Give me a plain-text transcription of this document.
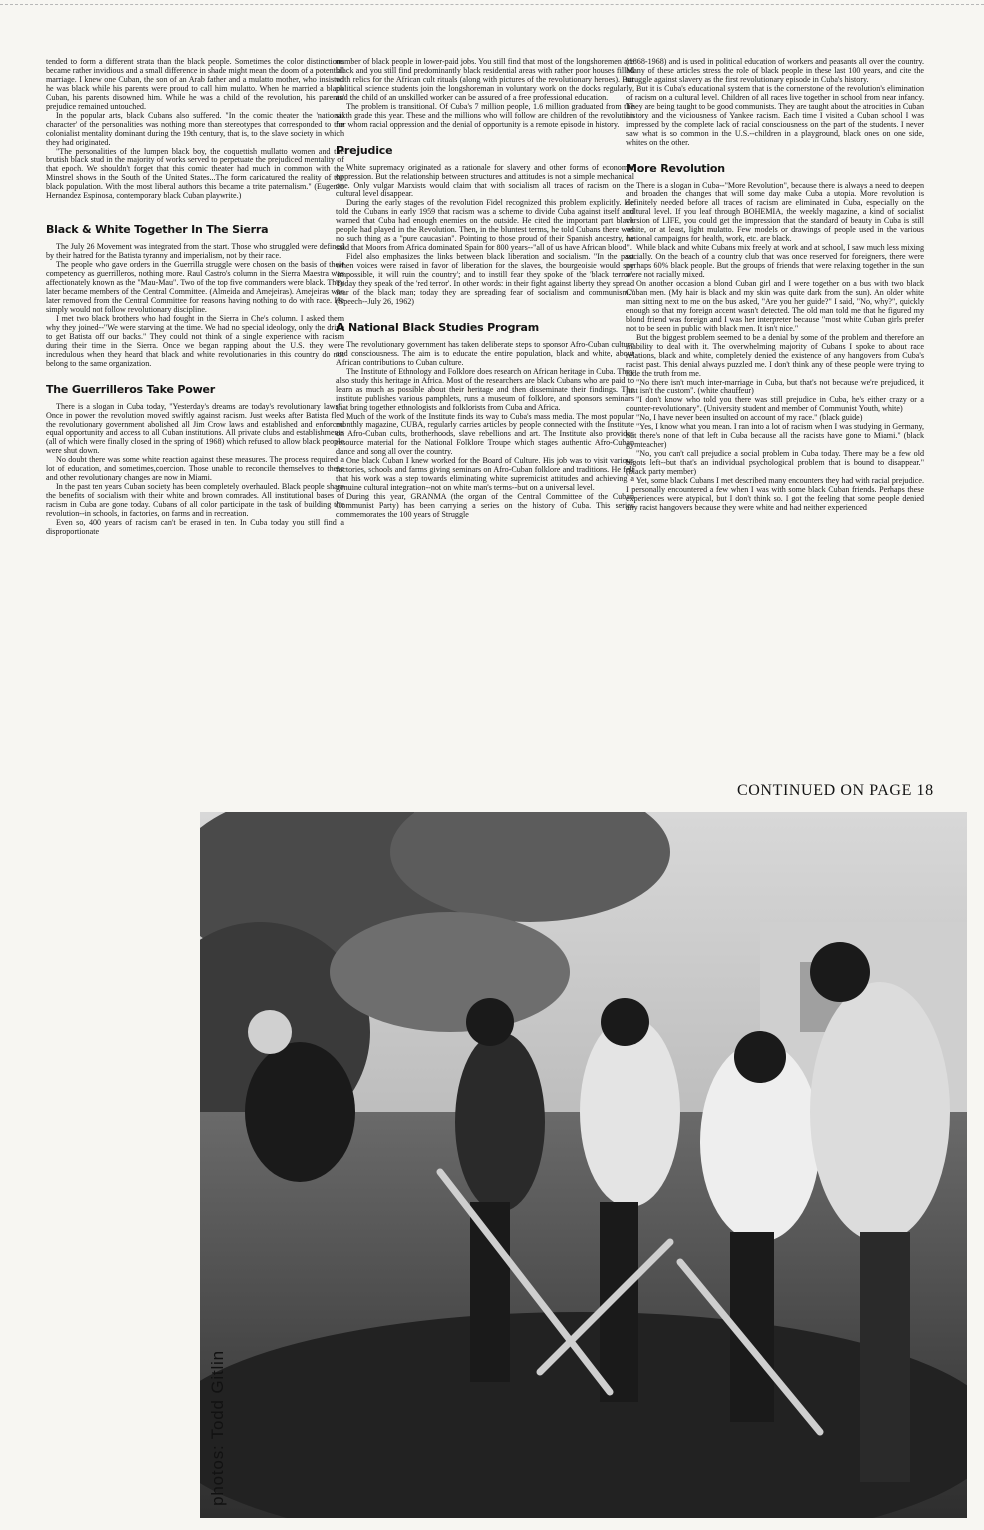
tended to form a different strata than the black people. Sometimes the color distinctions became rather invidious and a small difference in shade might mean the doom of a potential marriage. I knew one Cuban, the son of an Arab father and a mulatto mother, who insisted he was black while his parents were proud to call him mulatto. When he married a black Cuban, his parents disowned him. While he was a child of the revolution, his parents' prejudice remained untouched.

In the popular arts, black Cubans also suffered. "In the comic theater the 'national character' of the personalities was nothing more than stereotypes that corresponded to the colonialist mentality dominant during the 19th century, that is, to the slave society in which they had originated.

"The personalities of the lumpen black boy, the coquettish mullatto women and the brutish black stud in the majority of works served to perpetuate the prejudiced mentality of that epoch. We shouldn't forget that this comic theater had much in common with the Minstrel shows in the South of the United States...The form caricatured the reality of the black population. With the most liberal authors this became a trite paternalism." (Eugenio Hernandez Espinosa, contemporary black Cuban playwrite.)

Black & White Together In The Sierra

The July 26 Movement was integrated from the start. Those who struggled were defined by their hatred for the Batista tyranny and imperialism, not by their race.

The people who gave orders in the Guerrilla struggle were chosen on the basis of their competency as guerrilleros, nothing more. Raul Castro's column in the Sierra Maestra was affectionately known as the "Mau-Mau". Two of the top five commanders were black. They later became members of the Central Committee. (Almeida and Amejeiras). Amejeiras was later removed from the Central Committee for reasons having nothing to do with race. He simply would not follow revolutionary discipline.

I met two black brothers who had fought in the Sierra in Che's column. I asked them why they joined--"We were starving at the time. We had no special ideology, only the drive to get Batista off our backs." They could not think of a single experience with racism during their time in the Sierra. Once we began rapping about the U.S. they were incredulous when they heard that black and white revolutionaries in this country do not belong to the same organization.

The Guerrilleros Take Power

There is a slogan in Cuba today, "Yesterday's dreams are today's revolutionary laws". Once in power the revolution moved swiftly against racism. Just weeks after Batista fled the revolutionary government abolished all Jim Crow laws and established and enforced equal opportunity and access to all Cuban institutions. All private clubs and establishments (all of which were finally closed in the spring of 1968) which refused to allow black people were shut down.

No doubt there was some white reaction against these measures. The process required a lot of education, and sometimes,coercion. Those unable to reconcile themselves to these and other revolutionary changes are now in Miami.

In the past ten years Cuban society has been completely overhauled. Black people share the benefits of socialism with their white and brown comrades. All institutional bases of racism in Cuba are gone today. Cubans of all color participate in the task of building the revolution--in schools, in factories, on farms and in recreation.

Even so, 400 years of racism can't be erased in ten. In Cuba today you still find a disproportionate

number of black people in lower-paid jobs. You still find that most of the longshoremen are black and you still find predominantly black residential areas with rather poor houses filled with relics for the African cult rituals (along with pictures of the revolutionary heroes). But political science students join the longshoreman in voluntary work on the docks regularly, and the child of an unskilled worker can be assured of a free professional education.

The problem is transitional. Of Cuba's 7 million people, 1.6 million graduated from the sixth grade this year. These and the millions who will follow are children of the revolution for whom racial oppression and the denial of opportunity is a remote episode in history.

Prejudice

White supremacy originated as a rationale for slavery and other forms of economic oppression. But the relationship between structures and attitudes is not a simple mechanical one. Only vulgar Marxists would claim that with socialism all traces of racism on the cultural level disappear.

During the early stages of the revolution Fidel recognized this problem explicitly. He told the Cubans in early 1959 that racism was a scheme to divide Cuba against itself and warned that Cuba had enough enemies on the outside. He cited the important part black people had played in the Revolution. Then, in the bluntest terms, he told Cubans there was no such thing as a "pure caucasian". Pointing to those proud of their Spanish ancestry, he said that Moors from Africa dominated Spain for 800 years--"all of us have African blood".

Fidel also emphasizes the links between black liberation and socialism. "In the past when voices were raised in favor of liberation for the slaves, the bourgeoisie would say 'impossible, it will ruin the country'; and to instill fear they spoke of the 'black terror'. Today they speak of the 'red terror'. In other words: in their fight against liberty they spread fear of the black man; today they are spreading fear of socialism and communism." (Speech--July 26, 1962)

A National Black Studies Program

The revolutionary government has taken deliberate steps to sponsor Afro-Cuban culture and consciousness. The aim is to educate the entire population, black and white, about African contributions to Cuban culture.

The Institute of Ethnology and Folklore does research on African heritage in Cuba. They also study this heritage in Africa. Most of the researchers are black Cubans who are paid to learn as much as possible about their heritage and then disseminate their findings. The institute publishes various pamphlets, runs a museum of folklore, and sponsors seminars that bring together ethnologists and folklorists from Cuba and Africa.

Much of the work of the Institute finds its way to Cuba's mass media. The most popular monthly magazine, CUBA, regularly carries articles by people connected with the Institute on Afro-Cuban cults, brotherhoods, slave rebellions and art. The Institute also provides resource material for the National Folklore Troupe which stages authentic Afro-Cuban dance and song all over the country.

One black Cuban I knew worked for the Board of Culture. His job was to visit various factories, schools and farms giving seminars on Afro-Cuban folklore and traditions. He felt that his work was a step towards eliminating white supremicist attitudes and achieving a genuine cultural integration--not on white man's terms--but on a universal level.

During this year, GRANMA (the organ of the Central Committee of the Cuban Communist Party) has been carrying a series on the history of Cuba. This series commemorates the 100 years of Struggle

(1868-1968) and is used in political education of workers and peasants all over the country. Many of these articles stress the role of black people in these last 100 years, and cite the struggle against slavery as the first revolutionary episode in Cuba's history.

But it is Cuba's educational system that is the cornerstone of the revolution's elimination of racism on a cultural level. Children of all races live together in school from near infancy. They are being taught to be good communists. They are taught about the atrocities in Cuban history and the viciousness of Yankee racism. Each time I visited a Cuban school I was impressed by the complete lack of racial consciousness on the part of the students. I never saw what is so common in the U.S.--children in a playground, black ones on one side, whites on the other.

More Revolution

There is a slogan in Cuba--"More Revolution", because there is always a need to deepen and broaden the changes that will some day make Cuba a utopia. More revolution is definitely needed before all traces of racism are eliminated in Cuba, especially on the cultural level. If you leaf through BOHEMIA, the weekly magazine, a kind of socialist version of LIFE, you could get the impression that the standard of beauty in Cuba is still white, or at least, light mulatto. Few models or drawings of people used in the various national campaigns for health, work, etc. are black.

While black and white Cubans mix freely at work and at school, I saw much less mixing socially. On the beach of a country club that was once reserved for foreigners, there were perhaps 60% black people. But the groups of friends that were relaxing together in the sun were not racially mixed.

On another occasion a blond Cuban girl and I were together on a bus with two black Cuban men. (My hair is black and my skin was quite dark from the sun). An older white man sitting next to me on the bus asked, "Are you her guide?" I said, "No, why?", quickly enough so that my foreign accent wasn't detected. The old man told me that he figured my blond friend was foreign and I was her interpreter because "most white Cuban girls prefer not to be seen in public with black men. It isn't nice."

But the biggest problem seemed to be a denial by some of the problem and therefore an inability to deal with it. The overwhelming majority of Cubans I spoke to about race relations, black and white, completely denied the existence of any hangovers from Cuba's racist past. This denial always puzzled me. I don't think any of these people were trying to hide the truth from me.

"No there isn't much inter-marriage in Cuba, but that's not because we're prejudiced, it just isn't the custom". (white chauffeur)

"I don't know who told you there was still prejudice in Cuba, he's either crazy or a counter-revolutionary". (University student and member of Communist Youth, white)

"No, I have never been insulted on account of my race." (black guide)

"Yes, I know what you mean. I ran into a lot of racism when I was studying in Germany, but there's none of that left in Cuba because all the racists have gone to Miami." (black gymteacher)

"No, you can't call prejudice a social problem in Cuba today. There may be a few old bigots left--but that's an individual psychological problem that is bound to disappear." (black party member)

Yet, some black Cubans I met described many encounters they had with racial prejudice. I personally encountered a few when I was with some black Cuban friends. Perhaps these experiences were atypical, but I don't think so. I got the feeling that some people denied any racist hangovers because they were white and had neither experienced

CONTINUED ON PAGE 18
photos: Todd Gitlin
